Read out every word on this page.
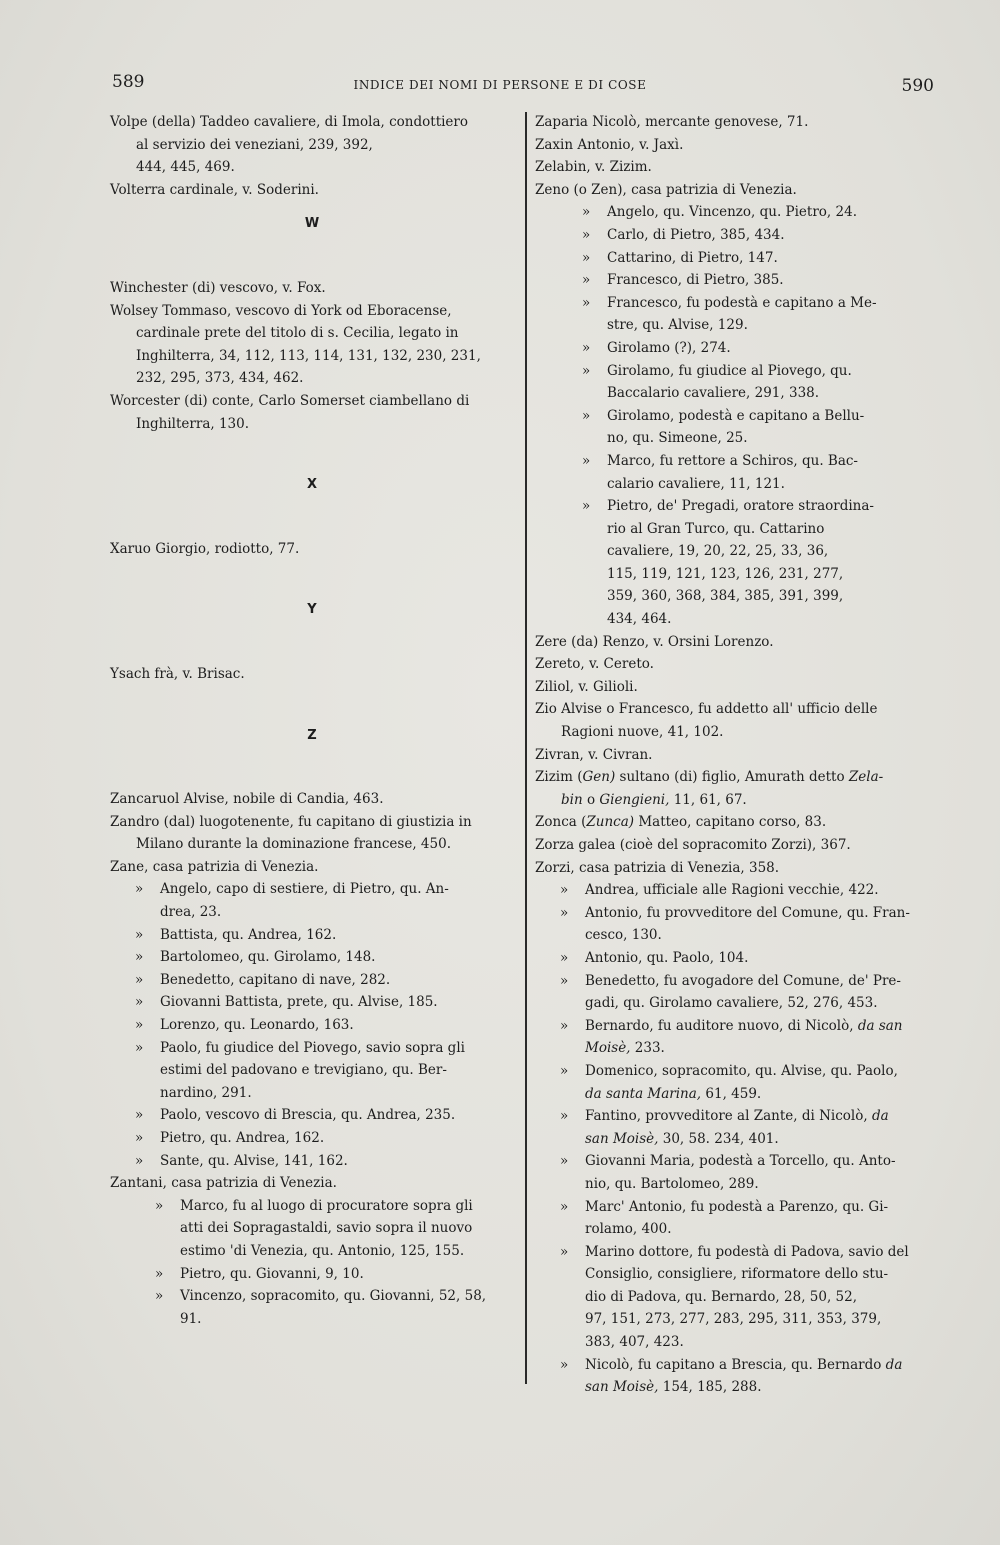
589	INDICE DEI NOMI DI PERSONE E DI COSE	590
Volpe (della) Taddeo cavaliere, di Imola, condottiero
al servizio dei veneziani, 239, 392,
444, 445, 469.
Volterra cardinale, v. Soderini.
W
Winchester (di) vescovo, v. Fox.
Wolsey Tommaso, vescovo di York od Eboracense,
cardinale prete del titolo di s. Cecilia, legato in
Inghilterra, 34, 112, 113, 114, 131, 132, 230, 231,
232, 295, 373, 434, 462.
Worcester (di) conte, Carlo Somerset ciambellano di
Inghilterra, 130.
X
Xaruo Giorgio, rodiotto, 77.
Y
Ysach frà, v. Brisac.
Z
Zancaruol Alvise, nobile di Candia, 463.
Zandro (dal) luogotenente, fu capitano di giustizia in
Milano durante la dominazione francese, 450.
Zane, casa patrizia di Venezia.
» Angelo, capo di sestiere, di Pietro, qu. An-
drea, 23.
» Battista, qu. Andrea, 162.
» Bartolomeo, qu. Girolamo, 148.
» Benedetto, capitano di nave, 282.
» Giovanni Battista, prete, qu. Alvise, 185.
» Lorenzo, qu. Leonardo, 163.
» Paolo, fu giudice del Piovego, savio sopra gli
estimi del padovano e trevigiano, qu. Ber-
nardino, 291.
» Paolo, vescovo di Brescia, qu. Andrea, 235.
» Pietro, qu. Andrea, 162.
» Sante, qu. Alvise, 141, 162.
Zantani, casa patrizia di Venezia.
» Marco, fu al luogo di procuratore sopra gli
atti dei Sopragastaldi, savio sopra il nuovo
estimo 'di Venezia, qu. Antonio, 125, 155.
» Pietro, qu. Giovanni, 9, 10.
» Vincenzo, sopracomito, qu. Giovanni, 52, 58,
91.
Zaparia Nicolò, mercante genovese, 71.
Zaxin Antonio, v. Jaxì.
Zelabin, v. Zizim.
Zeno (o Zen), casa patrizia di Venezia.
» Angelo, qu. Vincenzo, qu. Pietro, 24.
» Carlo, di Pietro, 385, 434.
» Cattarino, di Pietro, 147.
» Francesco, di Pietro, 385.
» Francesco, fu podestà e capitano a Me-
stre, qu. Alvise, 129.
» Girolamo (?), 274.
» Girolamo, fu giudice al Piovego, qu.
Baccalario cavaliere, 291, 338.
» Girolamo, podestà e capitano a Bellu-
no, qu. Simeone, 25.
» Marco, fu rettore a Schiros, qu. Bac-
calario cavaliere, 11, 121.
» Pietro, de' Pregadi, oratore straordina-
rio al Gran Turco, qu. Cattarino
cavaliere, 19, 20, 22, 25, 33, 36,
115, 119, 121, 123, 126, 231, 277,
359, 360, 368, 384, 385, 391, 399,
434, 464.
Zere (da) Renzo, v. Orsini Lorenzo.
Zereto, v. Cereto.
Ziliol, v. Gilioli.
Zio Alvise o Francesco, fu addetto all' ufficio delle
Ragioni nuove, 41, 102.
Zivran, v. Civran.
Zizim (Gen) sultano (di) figlio, Amurath detto Zela-
bin o Giengieni, 11, 61, 67.
Zonca (Zunca) Matteo, capitano corso, 83.
Zorza galea (cioè del sopracomito Zorzi), 367.
Zorzi, casa patrizia di Venezia, 358.
» Andrea, ufficiale alle Ragioni vecchie, 422.
» Antonio, fu provveditore del Comune, qu. Fran-
cesco, 130.
» Antonio, qu. Paolo, 104.
» Benedetto, fu avogadore del Comune, de' Pre-
gadi, qu. Girolamo cavaliere, 52, 276, 453.
» Bernardo, fu auditore nuovo, di Nicolò, da san
Moisè, 233.
» Domenico, sopracomito, qu. Alvise, qu. Paolo,
da santa Marina, 61, 459.
» Fantino, provveditore al Zante, di Nicolò, da
san Moisè, 30, 58. 234, 401.
» Giovanni Maria, podestà a Torcello, qu. Anto-
nio, qu. Bartolomeo, 289.
» Marc' Antonio, fu podestà a Parenzo, qu. Gi-
rolamo, 400.
» Marino dottore, fu podestà di Padova, savio del
Consiglio, consigliere, riformatore dello stu-
dio di Padova, qu. Bernardo, 28, 50, 52,
97, 151, 273, 277, 283, 295, 311, 353, 379,
383, 407, 423.
» Nicolò, fu capitano a Brescia, qu. Bernardo da
san Moisè, 154, 185, 288.
